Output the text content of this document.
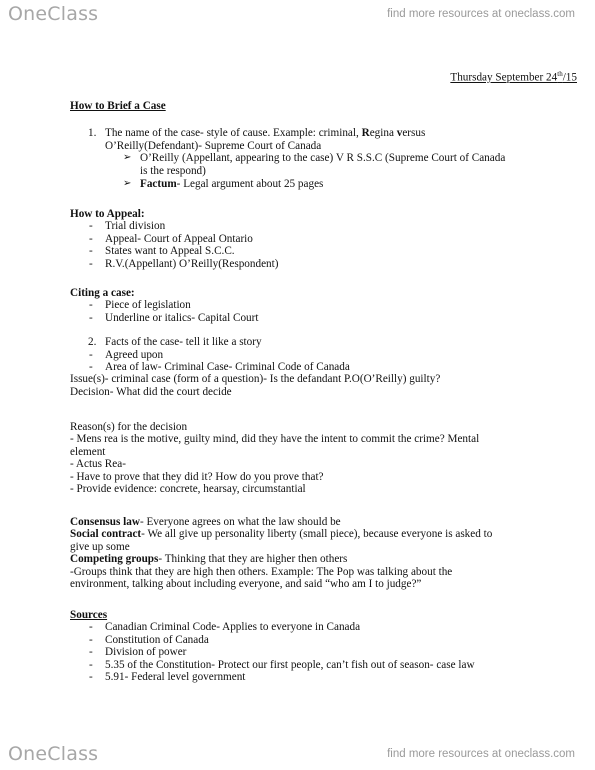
OneClass	find more resources at oneclass.com
Thursday September 24th/15
How to Brief a Case
1. The name of the case- style of cause. Example: criminal, Regina versus
O’Reilly(Defendant)- Supreme Court of Canada
➢ O’Reilly (Appellant, appearing to the case) V R S.S.C (Supreme Court of Canada
is the respond)
➢ Factum- Legal argument about 25 pages
How to Appeal:
- Trial division
- Appeal- Court of Appeal Ontario
- States want to Appeal S.C.C.
- R.V.(Appellant) O’Reilly(Respondent)
Citing a case:
- Piece of legislation
- Underline or italics- Capital Court
2. Facts of the case- tell it like a story
- Agreed upon
- Area of law- Criminal Case- Criminal Code of Canada
Issue(s)- criminal case (form of a question)- Is the defandant P.O(O’Reilly) guilty?
Decision- What did the court decide
Reason(s) for the decision
- Mens rea is the motive, guilty mind, did they have the intent to commit the crime? Mental
element
- Actus Rea-
- Have to prove that they did it? How do you prove that?
- Provide evidence: concrete, hearsay, circumstantial
Consensus law- Everyone agrees on what the law should be
Social contract- We all give up personality liberty (small piece), because everyone is asked to
give up some
Competing groups- Thinking that they are higher then others
-Groups think that they are high then others. Example: The Pop was talking about the
environment, talking about including everyone, and said “who am I to judge?”
Sources
- Canadian Criminal Code- Applies to everyone in Canada
- Constitution of Canada
- Division of power
- 5.35 of the Constitution- Protect our first people, can’t fish out of season- case law
- 5.91- Federal level government
OneClass	find more resources at oneclass.com
